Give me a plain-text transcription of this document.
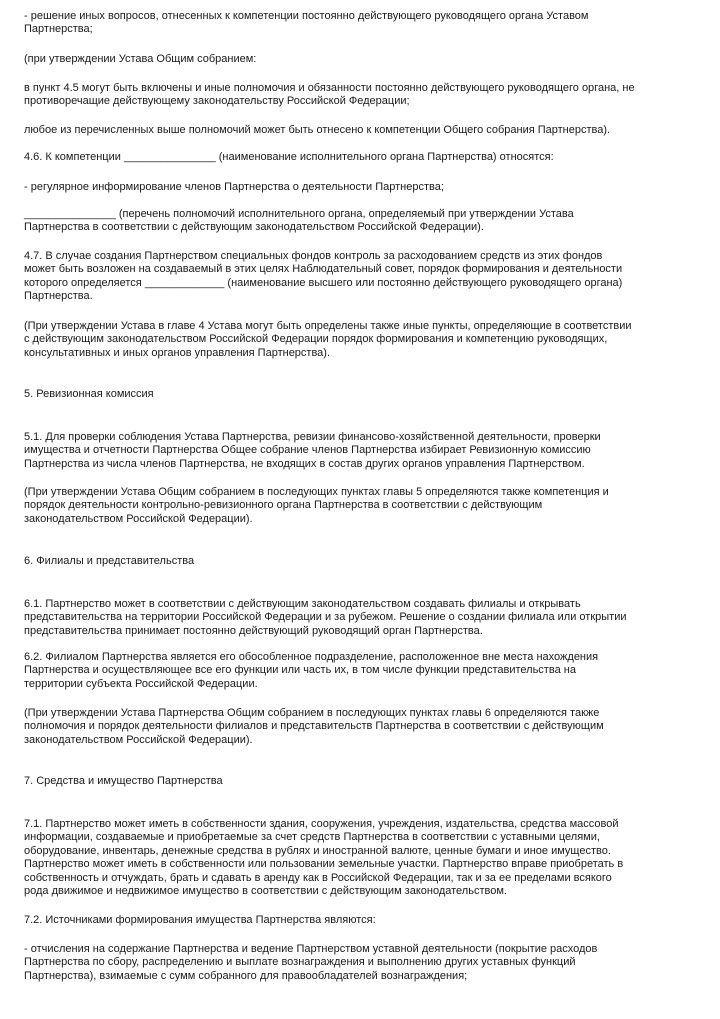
- решение иных вопросов, отнесенных к компетенции постоянно действующего руководящего органа Уставом
Партнерства;

(при утверждении Устава Общим собранием:

в пункт 4.5 могут быть включены и иные полномочия и обязанности постоянно действующего руководящего органа, не
противоречащие действующему законодательству Российской Федерации;

любое из перечисленных выше полномочий может быть отнесено к компетенции Общего собрания Партнерства).

4.6. К компетенции _______________ (наименование исполнительного органа Партнерства) относятся:

- регулярное информирование членов Партнерства о деятельности Партнерства;

_______________ (перечень полномочий исполнительного органа, определяемый при утверждении Устава
Партнерства в соответствии с действующим законодательством Российской Федерации).

4.7. В случае создания Партнерством специальных фондов контроль за расходованием средств из этих фондов
может быть возложен на создаваемый в этих целях Наблюдательный совет, порядок формирования и деятельности
которого определяется _____________ (наименование высшего или постоянно действующего руководящего органа)
Партнерства.

(При утверждении Устава в главе 4 Устава могут быть определены также иные пункты, определяющие в соответствии
с действующим законодательством Российской Федерации порядок формирования и компетенцию руководящих,
консультативных и иных органов управления Партнерства).

5. Ревизионная комиссия

5.1. Для проверки соблюдения Устава Партнерства, ревизии финансово-хозяйственной деятельности, проверки
имущества и отчетности Партнерства Общее собрание членов Партнерства избирает Ревизионную комиссию
Партнерства из числа членов Партнерства, не входящих в состав других органов управления Партнерством.

(При утверждении Устава Общим собранием в последующих пунктах главы 5 определяются также компетенция и
порядок деятельности контрольно-ревизионного органа Партнерства в соответствии с действующим
законодательством Российской Федерации).

6. Филиалы и представительства

6.1. Партнерство может в соответствии с действующим законодательством создавать филиалы и открывать
представительства на территории Российской Федерации и за рубежом. Решение о создании филиала или открытии
представительства принимает постоянно действующий руководящий орган Партнерства.

6.2. Филиалом Партнерства является его обособленное подразделение, расположенное вне места нахождения
Партнерства и осуществляющее все его функции или часть их, в том числе функции представительства на
территории субъекта Российской Федерации.

(При утверждении Устава Партнерства Общим собранием в последующих пунктах главы 6 определяются также
полномочия и порядок деятельности филиалов и представительств Партнерства в соответствии с действующим
законодательством Российской Федерации).

7. Средства и имущество Партнерства

7.1. Партнерство может иметь в собственности здания, сооружения, учреждения, издательства, средства массовой
информации, создаваемые и приобретаемые за счет средств Партнерства в соответствии с уставными целями,
оборудование, инвентарь, денежные средства в рублях и иностранной валюте, ценные бумаги и иное имущество.
Партнерство может иметь в собственности или пользовании земельные участки. Партнерство вправе приобретать в
собственность и отчуждать, брать и сдавать в аренду как в Российской Федерации, так и за ее пределами всякого
рода движимое и недвижимое имущество в соответствии с действующим законодательством.

7.2. Источниками формирования имущества Партнерства являются:

- отчисления на содержание Партнерства и ведение Партнерством уставной деятельности (покрытие расходов
Партнерства по сбору, распределению и выплате вознаграждения и выполнению других уставных функций
Партнерства), взимаемые с сумм собранного для правообладателей вознаграждения;
